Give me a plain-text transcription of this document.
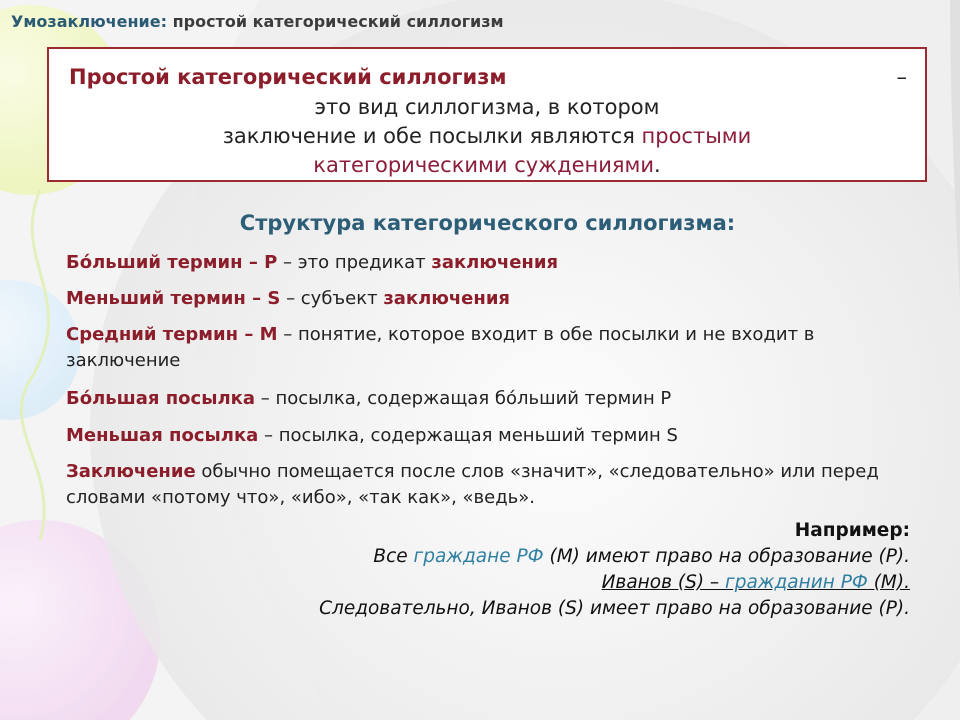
Умозаключение: простой категорический силлогизм
Простой категорический силлогизм	–
это вид силлогизма, в котором
заключение и обе посылки являются простыми
категорическими суждениями.
Структура категорического силлогизма:
Бо́льший термин – P – это предикат заключения
Меньший термин – S – субъект заключения
Средний термин – M – понятие, которое входит в обе посылки и не входит в заключение
Бо́льшая посылка – посылка, содержащая бо́льший термин P
Меньшая посылка – посылка, содержащая меньший термин S
Заключение обычно помещается после слов «значит», «следовательно» или перед словами «потому что», «ибо», «так как», «ведь».
Например:
Все граждане РФ (M) имеют право на образование (P).
Иванов (S) – гражданин РФ (M).
Следовательно, Иванов (S) имеет право на образование (P).
